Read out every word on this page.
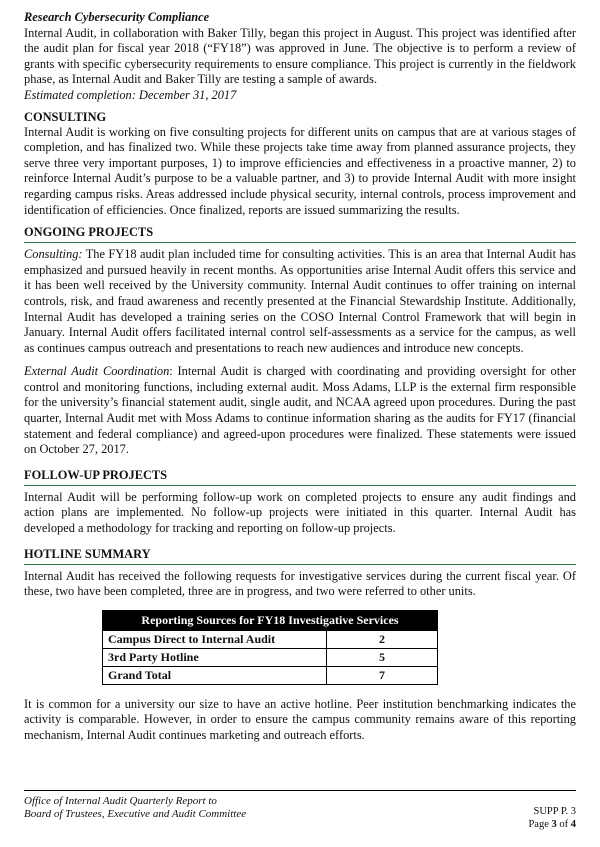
Research Cybersecurity Compliance

Internal Audit, in collaboration with Baker Tilly, began this project in August. This project was identified after the audit plan for fiscal year 2018 (“FY18”) was approved in June. The objective is to perform a review of grants with specific cybersecurity requirements to ensure compliance. This project is currently in the fieldwork phase, as Internal Audit and Baker Tilly are testing a sample of awards.

Estimated completion: December 31, 2017

CONSULTING

Internal Audit is working on five consulting projects for different units on campus that are at various stages of completion, and has finalized two. While these projects take time away from planned assurance projects, they serve three very important purposes, 1) to improve efficiencies and effectiveness in a proactive manner, 2) to reinforce Internal Audit’s purpose to be a valuable partner, and 3) to provide Internal Audit with more insight regarding campus risks. Areas addressed include physical security, internal controls, process improvement and identification of efficiencies. Once finalized, reports are issued summarizing the results.

ONGOING PROJECTS

Consulting: The FY18 audit plan included time for consulting activities. This is an area that Internal Audit has emphasized and pursued heavily in recent months. As opportunities arise Internal Audit offers this service and it has been well received by the University community. Internal Audit continues to offer training on internal controls, risk, and fraud awareness and recently presented at the Financial Stewardship Institute. Additionally, Internal Audit has developed a training series on the COSO Internal Control Framework that will begin in January. Internal Audit offers facilitated internal control self-assessments as a service for the campus, as well as continues campus outreach and presentations to reach new audiences and introduce new concepts.

External Audit Coordination: Internal Audit is charged with coordinating and providing oversight for other control and monitoring functions, including external audit. Moss Adams, LLP is the external firm responsible for the university’s financial statement audit, single audit, and NCAA agreed upon procedures. During the past quarter, Internal Audit met with Moss Adams to continue information sharing as the audits for FY17 (financial statement and federal compliance) and agreed-upon procedures were finalized. These statements were issued on October 27, 2017.

FOLLOW-UP PROJECTS

Internal Audit will be performing follow-up work on completed projects to ensure any audit findings and action plans are implemented. No follow-up projects were initiated in this quarter. Internal Audit has developed a methodology for tracking and reporting on follow-up projects.

HOTLINE SUMMARY

Internal Audit has received the following requests for investigative services during the current fiscal year. Of these, two have been completed, three are in progress, and two were referred to other units.

Reporting Sources for FY18 Investigative Services	
Campus Direct to Internal Audit	2
3rd Party Hotline	5
Grand Total	7

It is common for a university our size to have an active hotline. Peer institution benchmarking indicates the activity is comparable. However, in order to ensure the campus community remains aware of this reporting mechanism, Internal Audit continues marketing and outreach efforts.

Office of Internal Audit Quarterly Report to
Board of Trustees, Executive and Audit Committee	SUPP P. 3
Page 3 of 4
